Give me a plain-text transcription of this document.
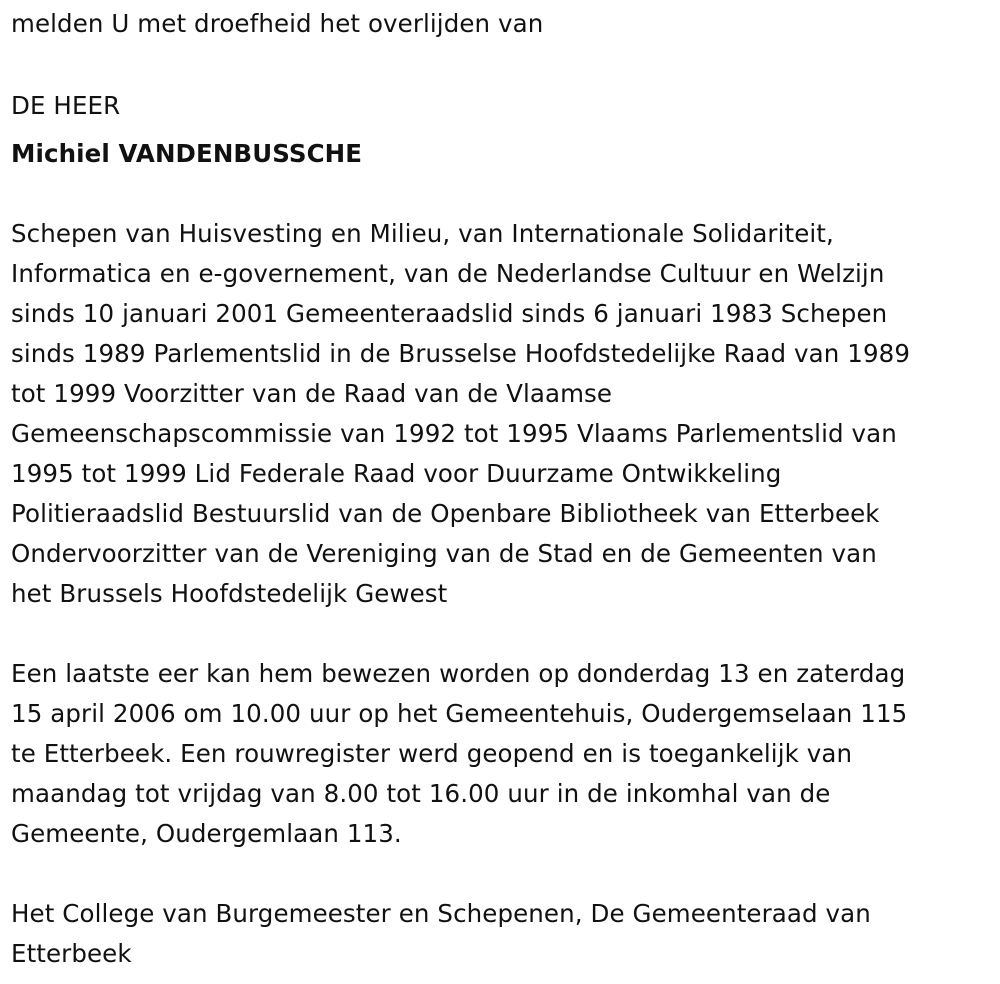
melden U met droefheid het overlijden van
DE HEER
Michiel VANDENBUSSCHE
Schepen van Huisvesting en Milieu, van Internationale Solidariteit,
Informatica en e-governement, van de Nederlandse Cultuur en Welzijn
sinds 10 januari 2001 Gemeenteraadslid sinds 6 januari 1983 Schepen
sinds 1989 Parlementslid in de Brusselse Hoofdstedelijke Raad van 1989
tot 1999 Voorzitter van de Raad van de Vlaamse
Gemeenschapscommissie van 1992 tot 1995 Vlaams Parlementslid van
1995 tot 1999 Lid Federale Raad voor Duurzame Ontwikkeling
Politieraadslid Bestuurslid van de Openbare Bibliotheek van Etterbeek
Ondervoorzitter van de Vereniging van de Stad en de Gemeenten van
het Brussels Hoofdstedelijk Gewest
Een laatste eer kan hem bewezen worden op donderdag 13 en zaterdag
15 april 2006 om 10.00 uur op het Gemeentehuis, Oudergemselaan 115
te Etterbeek. Een rouwregister werd geopend en is toegankelijk van
maandag tot vrijdag van 8.00 tot 16.00 uur in de inkomhal van de
Gemeente, Oudergemlaan 113.
Het College van Burgemeester en Schepenen, De Gemeenteraad van
Etterbeek
